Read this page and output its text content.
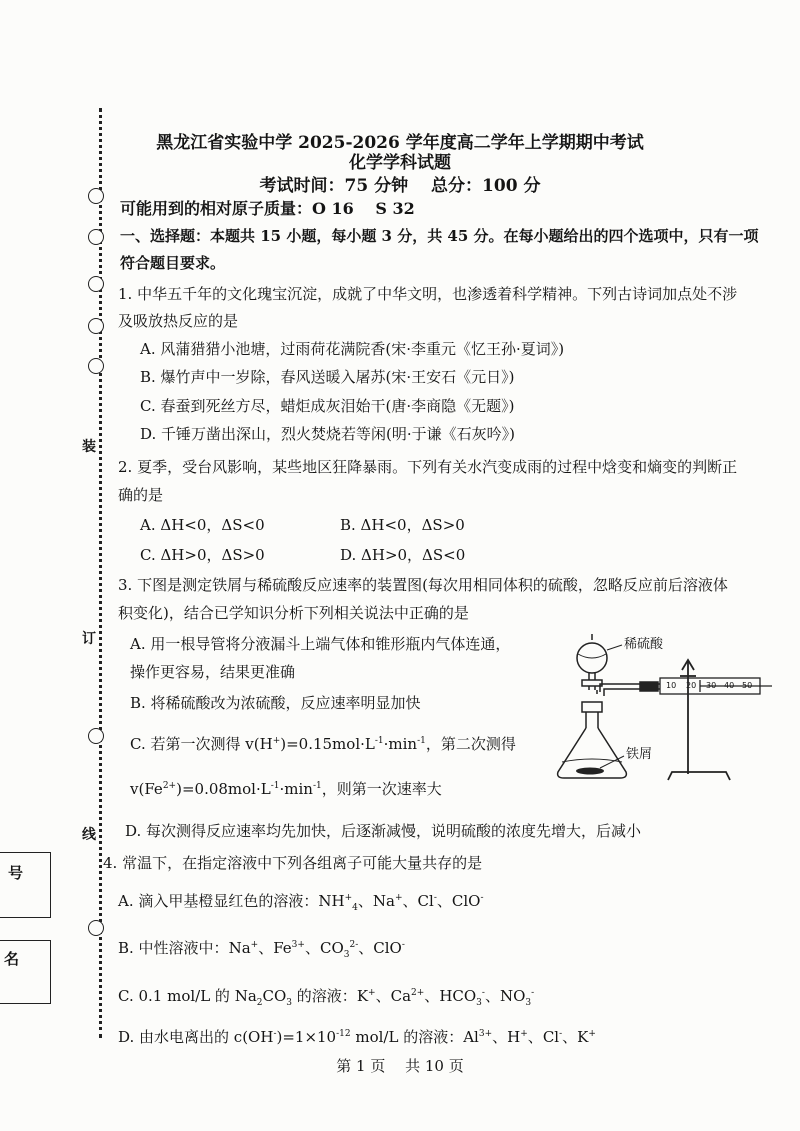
装
订
线
号
名
黑龙江省实验中学 2025-2026 学年度高二学年上学期期中考试
化学学科试题
考试时间：75 分钟　 总分：100 分
可能用到的相对原子质量：O 16　 S 32
一、选择题：本题共 15 小题，每小题 3 分，共 45 分。在每小题给出的四个选项中，只有一项
符合题目要求。
1. 中华五千年的文化瑰宝沉淀，成就了中华文明，也渗透着科学精神。下列古诗词加点处不涉
及吸放热反应的是
A. 风蒲猎猎小池塘，过雨荷花满院香(宋·李重元《忆王孙·夏词》)
B. 爆竹声中一岁除，春风送暖入屠苏(宋·王安石《元日》)
C. 春蚕到死丝方尽，蜡炬成灰泪始干(唐·李商隐《无题》)
D. 千锤万凿出深山，烈火焚烧若等闲(明·于谦《石灰吟》)
2. 夏季，受台风影响，某些地区狂降暴雨。下列有关水汽变成雨的过程中焓变和熵变的判断正
确的是
A. ΔH<0，ΔS<0	B. ΔH<0，ΔS>0
C. ΔH>0，ΔS>0	D. ΔH>0，ΔS<0
3. 下图是测定铁屑与稀硫酸反应速率的装置图(每次用相同体积的硫酸，忽略反应前后溶液体
积变化)，结合已学知识分析下列相关说法中正确的是
A. 用一根导管将分液漏斗上端气体和锥形瓶内气体连通，
操作更容易，结果更准确
B. 将稀硫酸改为浓硫酸，反应速率明显加快
C. 若第一次测得 $v(H^+)=0.15mol\cdot L^{-1}\cdot\min^{-1}$，第二次测得
$v(Fe^{2+})=0.08mol\cdot L^{-1}\cdot\min^{-1}$，则第一次速率大
D. 每次测得反应速率均先加快，后逐渐减慢，说明硫酸的浓度先增大，后减小
稀硫酸
10 20 30 40 50
铁屑
4. 常温下，在指定溶液中下列各组离子可能大量共存的是
A. 滴入甲基橙显红色的溶液：$NH^+_4$、Na+、Cl-、ClO-
B. 中性溶液中：Na+、$Fe^{3+}$、$CO_3^{2-}$、ClO-
C. 0.1 mol/L 的 $Na_2CO_3$ 的溶液：K+、$Ca^{2+}$、$HCO_3^-$、$NO_3^-$
D. 由水电离出的 $c(OH^-)=1\times 10^{-12}$ mol/L 的溶液：$Al^{3+}$、H+、Cl-、K+
第 1 页　 共 10 页
